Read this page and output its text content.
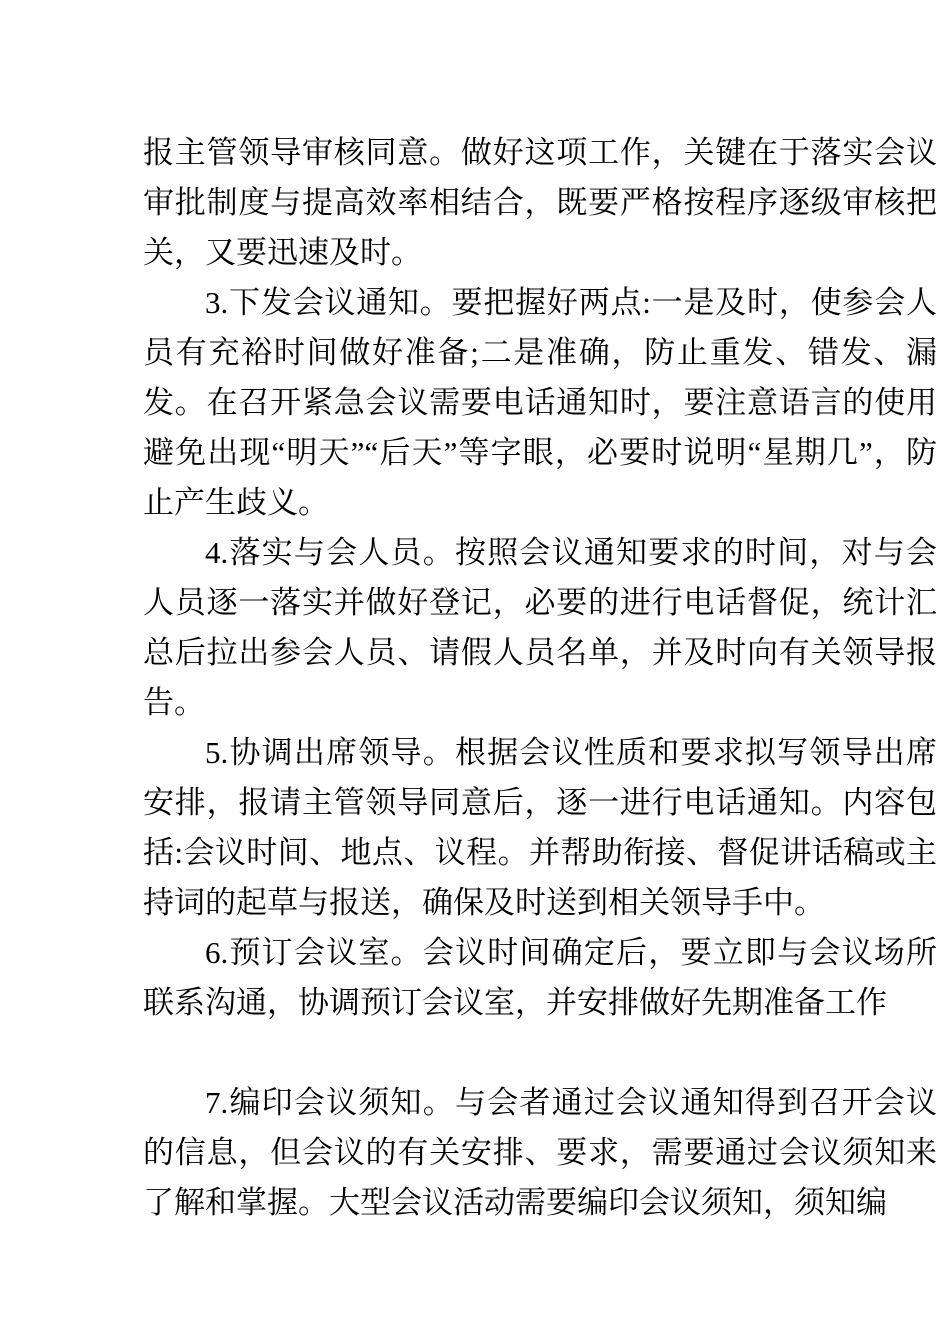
报主管领导审核同意。做好这项工作，关键在于落实会议审批制度与提高效率相结合，既要严格按程序逐级审核把关，又要迅速及时。

3.下发会议通知。要把握好两点:一是及时，使参会人员有充裕时间做好准备;二是准确，防止重发、错发、漏发。在召开紧急会议需要电话通知时，要注意语言的使用避免出现“明天”“后天”等字眼，必要时说明“星期几”，防止产生歧义。

4.落实与会人员。按照会议通知要求的时间，对与会人员逐一落实并做好登记，必要的进行电话督促，统计汇总后拉出参会人员、请假人员名单，并及时向有关领导报告。

5.协调出席领导。根据会议性质和要求拟写领导出席安排，报请主管领导同意后，逐一进行电话通知。内容包括:会议时间、地点、议程。并帮助衔接、督促讲话稿或主持词的起草与报送，确保及时送到相关领导手中。

6.预订会议室。会议时间确定后，要立即与会议场所联系沟通，协调预订会议室，并安排做好先期准备工作

7.编印会议须知。与会者通过会议通知得到召开会议的信息，但会议的有关安排、要求，需要通过会议须知来了解和掌握。大型会议活动需要编印会议须知，须知编
